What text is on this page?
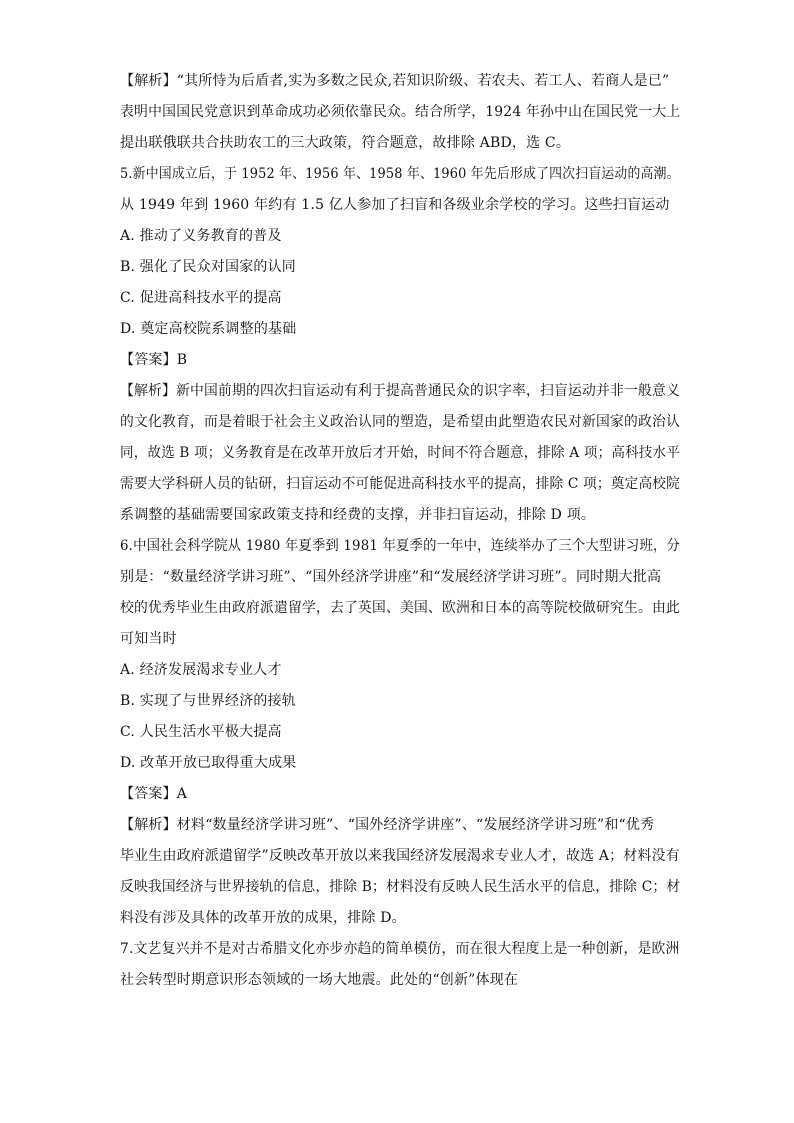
【解析】“其所恃为后盾者,实为多数之民众,若知识阶级、若农夫、若工人、若商人是已”
表明中国国民党意识到革命成功必须依靠民众。结合所学，1924 年孙中山在国民党一大上
提出联俄联共合扶助农工的三大政策，符合题意，故排除 ABD，选 C。
5.新中国成立后，于 1952 年、1956 年、1958 年、1960 年先后形成了四次扫盲运动的高潮。
从 1949 年到 1960 年约有 1.5 亿人参加了扫盲和各级业余学校的学习。这些扫盲运动
A. 推动了义务教育的普及
B. 强化了民众对国家的认同
C. 促进高科技水平的提高
D. 奠定高校院系调整的基础
【答案】B
【解析】新中国前期的四次扫盲运动有利于提高普通民众的识字率，扫盲运动并非一般意义
的文化教育，而是着眼于社会主义政治认同的塑造，是希望由此塑造农民对新国家的政治认
同，故选 B 项；义务教育是在改革开放后才开始，时间不符合题意，排除 A 项；高科技水平
需要大学科研人员的钻研，扫盲运动不可能促进高科技水平的提高，排除 C 项；奠定高校院
系调整的基础需要国家政策支持和经费的支撑，并非扫盲运动，排除 D 项。
6.中国社会科学院从 1980 年夏季到 1981 年夏季的一年中，连续举办了三个大型讲习班，分
别是：“数量经济学讲习班”、“国外经济学讲座”和“发展经济学讲习班”。同时期大批高
校的优秀毕业生由政府派遣留学，去了英国、美国、欧洲和日本的高等院校做研究生。由此
可知当时
A. 经济发展渴求专业人才
B. 实现了与世界经济的接轨
C. 人民生活水平极大提高
D. 改革开放已取得重大成果
【答案】A
【解析】材料“数量经济学讲习班”、“国外经济学讲座”、“发展经济学讲习班”和“优秀
毕业生由政府派遣留学”反映改革开放以来我国经济发展渴求专业人才，故选 A；材料没有
反映我国经济与世界接轨的信息，排除 B；材料没有反映人民生活水平的信息，排除 C；材
料没有涉及具体的改革开放的成果，排除 D。
7.文艺复兴并不是对古希腊文化亦步亦趋的简单模仿，而在很大程度上是一种创新，是欧洲
社会转型时期意识形态领域的一场大地震。此处的“创新”体现在
